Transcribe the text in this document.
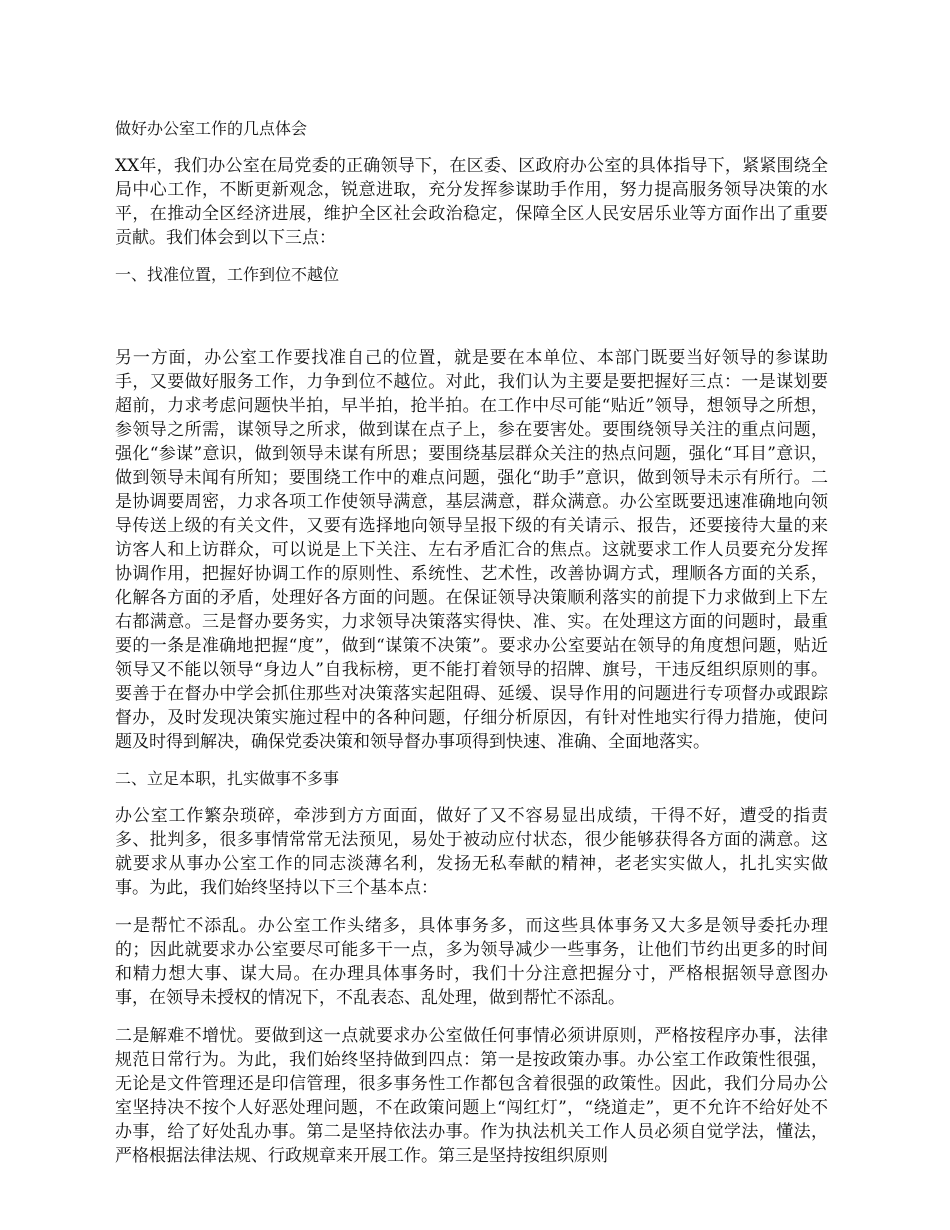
做好办公室工作的几点体会

XX年，我们办公室在局党委的正确领导下，在区委、区政府办公室的具体指导下，紧紧围绕全局中心工作，不断更新观念，锐意进取，充分发挥参谋助手作用，努力提高服务领导决策的水平，在推动全区经济进展，维护全区社会政治稳定，保障全区人民安居乐业等方面作出了重要贡献。我们体会到以下三点：

一、找准位置，工作到位不越位

另一方面，办公室工作要找准自己的位置，就是要在本单位、本部门既要当好领导的参谋助手，又要做好服务工作，力争到位不越位。对此，我们认为主要是要把握好三点：一是谋划要超前，力求考虑问题快半拍，早半拍，抢半拍。在工作中尽可能“贴近”领导，想领导之所想，参领导之所需，谋领导之所求，做到谋在点子上，参在要害处。要围绕领导关注的重点问题，强化“参谋”意识，做到领导未谋有所思；要围绕基层群众关注的热点问题，强化“耳目”意识，做到领导未闻有所知；要围绕工作中的难点问题，强化“助手”意识，做到领导未示有所行。二是协调要周密，力求各项工作使领导满意，基层满意，群众满意。办公室既要迅速准确地向领导传送上级的有关文件，又要有选择地向领导呈报下级的有关请示、报告，还要接待大量的来访客人和上访群众，可以说是上下关注、左右矛盾汇合的焦点。这就要求工作人员要充分发挥协调作用，把握好协调工作的原则性、系统性、艺术性，改善协调方式，理顺各方面的关系，化解各方面的矛盾，处理好各方面的问题。在保证领导决策顺利落实的前提下力求做到上下左右都满意。三是督办要务实，力求领导决策落实得快、准、实。在处理这方面的问题时，最重要的一条是准确地把握“度”，做到“谋策不决策”。要求办公室要站在领导的角度想问题，贴近领导又不能以领导“身边人”自我标榜，更不能打着领导的招牌、旗号，干违反组织原则的事。要善于在督办中学会抓住那些对决策落实起阻碍、延缓、误导作用的问题进行专项督办或跟踪督办，及时发现决策实施过程中的各种问题，仔细分析原因，有针对性地实行得力措施，使问题及时得到解决，确保党委决策和领导督办事项得到快速、准确、全面地落实。

二、立足本职，扎实做事不多事

办公室工作繁杂琐碎，牵涉到方方面面，做好了又不容易显出成绩，干得不好，遭受的指责多、批判多，很多事情常常无法预见，易处于被动应付状态，很少能够获得各方面的满意。这就要求从事办公室工作的同志淡薄名利，发扬无私奉献的精神，老老实实做人，扎扎实实做事。为此，我们始终坚持以下三个基本点：

一是帮忙不添乱。办公室工作头绪多，具体事务多，而这些具体事务又大多是领导委托办理的；因此就要求办公室要尽可能多干一点，多为领导减少一些事务，让他们节约出更多的时间和精力想大事、谋大局。在办理具体事务时，我们十分注意把握分寸，严格根据领导意图办事，在领导未授权的情况下，不乱表态、乱处理，做到帮忙不添乱。

二是解难不增忧。要做到这一点就要求办公室做任何事情必须讲原则，严格按程序办事，法律规范日常行为。为此，我们始终坚持做到四点：第一是按政策办事。办公室工作政策性很强，无论是文件管理还是印信管理，很多事务性工作都包含着很强的政策性。因此，我们分局办公室坚持决不按个人好恶处理问题，不在政策问题上“闯红灯”，“绕道走”，更不允许不给好处不办事，给了好处乱办事。第二是坚持依法办事。作为执法机关工作人员必须自觉学法，懂法，严格根据法律法规、行政规章来开展工作。第三是坚持按组织原则
